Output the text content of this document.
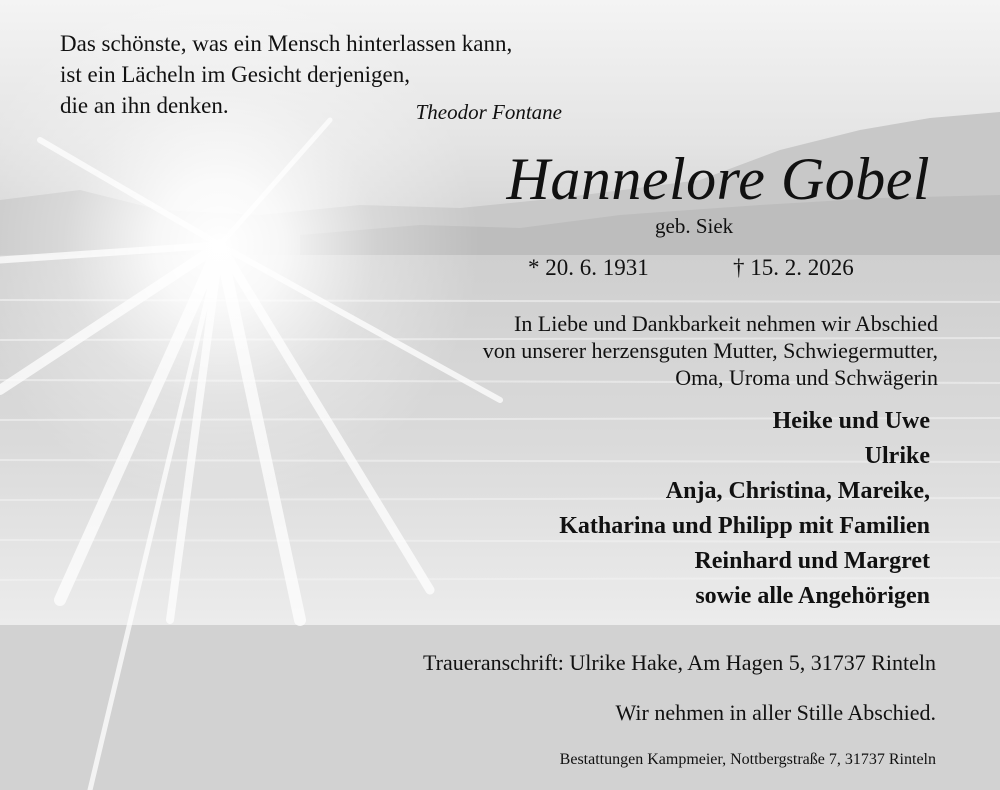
Das schönste, was ein Mensch hinterlassen kann,
ist ein Lächeln im Gesicht derjenigen,
die an ihn denken.	Theodor Fontane
Hannelore Gobel
geb. Siek
* 20. 6. 1931	† 15. 2. 2026
In Liebe und Dankbarkeit nehmen wir Abschied
von unserer herzensguten Mutter, Schwiegermutter,
Oma, Uroma und Schwägerin
Heike und Uwe
Ulrike
Anja, Christina, Mareike,
Katharina und Philipp mit Familien
Reinhard und Margret
sowie alle Angehörigen
Traueranschrift: Ulrike Hake, Am Hagen 5, 31737 Rinteln
Wir nehmen in aller Stille Abschied.
Bestattungen Kampmeier, Nottbergstraße 7, 31737 Rinteln
